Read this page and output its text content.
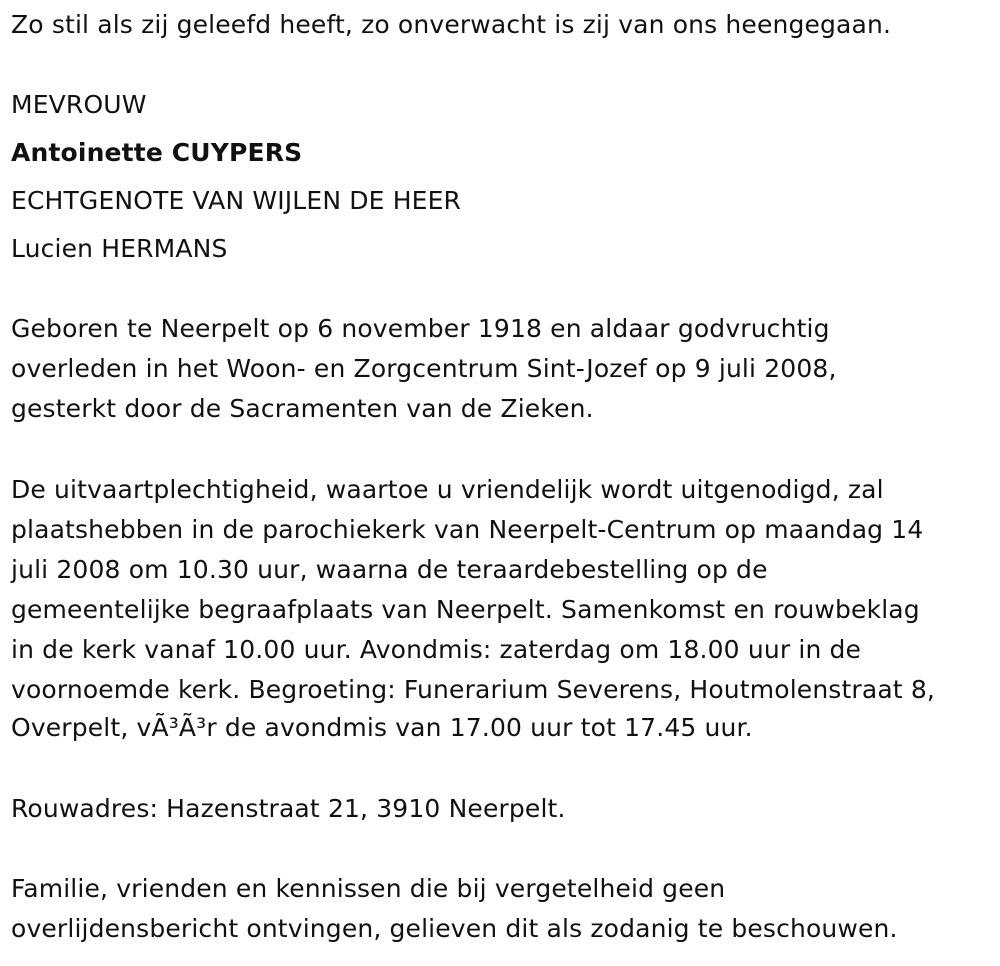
Zo stil als zij geleefd heeft, zo onverwacht is zij van ons heengegaan.
MEVROUW
Antoinette CUYPERS
ECHTGENOTE VAN WIJLEN DE HEER
Lucien HERMANS
Geboren te Neerpelt op 6 november 1918 en aldaar godvruchtig
overleden in het Woon- en Zorgcentrum Sint-Jozef op 9 juli 2008,
gesterkt door de Sacramenten van de Zieken.
De uitvaartplechtigheid, waartoe u vriendelijk wordt uitgenodigd, zal
plaatshebben in de parochiekerk van Neerpelt-Centrum op maandag 14
juli 2008 om 10.30 uur, waarna de teraardebestelling op de
gemeentelijke begraafplaats van Neerpelt. Samenkomst en rouwbeklag
in de kerk vanaf 10.00 uur. Avondmis: zaterdag om 18.00 uur in de
voornoemde kerk. Begroeting: Funerarium Severens, Houtmolenstraat 8,
Overpelt, vÃ³Ã³r de avondmis van 17.00 uur tot 17.45 uur.
Rouwadres: Hazenstraat 21, 3910 Neerpelt.
Familie, vrienden en kennissen die bij vergetelheid geen
overlijdensbericht ontvingen, gelieven dit als zodanig te beschouwen.
